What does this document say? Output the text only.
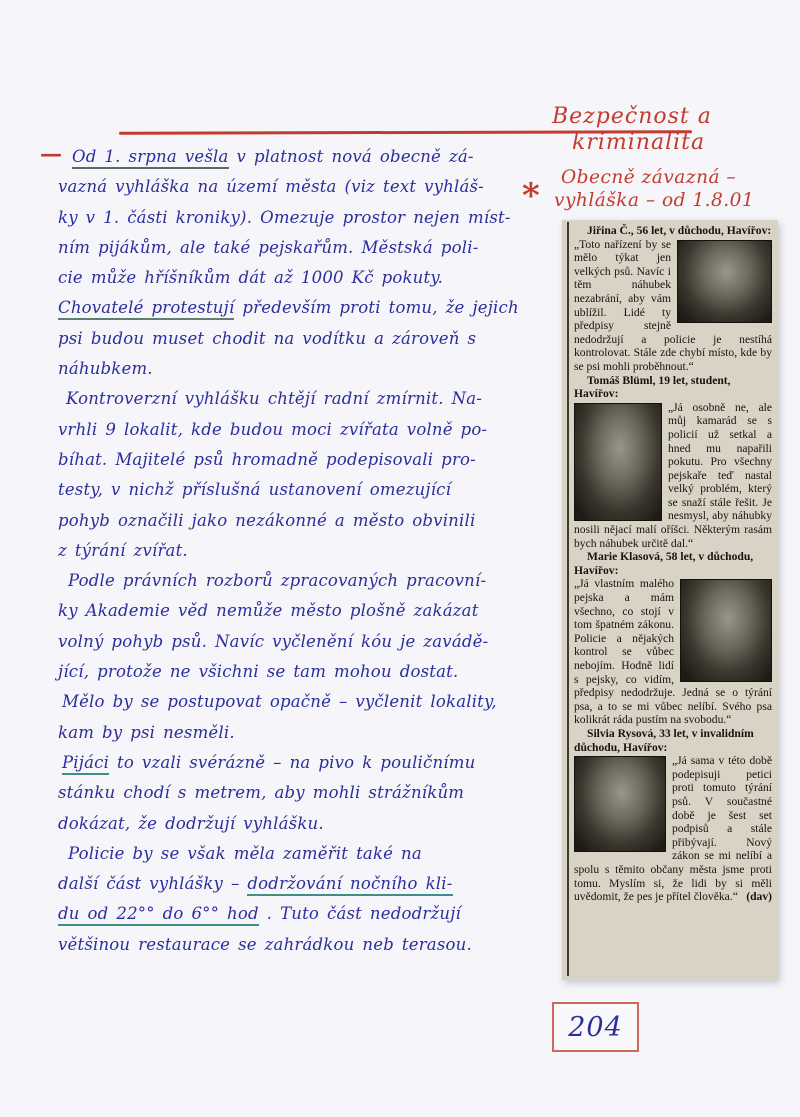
—
Bezpečnost a
kriminalita
Obecně závazná –
vyhláška – od 1.8.01
*
Od 1. srpna vešla v platnost nová obecně zá-
vazná vyhláška na území města (viz text vyhláš-
ky v 1. části kroniky). Omezuje prostor nejen míst-
ním pijákům, ale také pejskařům. Městská poli-
cie může hříšníkům dát až 1000 Kč pokuty.
Chovatelé protestují především proti tomu, že jejich
psi budou muset chodit na vodítku a zároveň s
náhubkem.
Kontroverzní vyhlášku chtějí radní zmírnit. Na-
vrhli 9 lokalit, kde budou moci zvířata volně po-
bíhat. Majitelé psů hromadně podepisovali pro-
testy, v nichž příslušná ustanovení omezující
pohyb označili jako nezákonné a město obvinili
z týrání zvířat.
Podle právních rozborů zpracovaných pracovní-
ky Akademie věd nemůže město plošně zakázat
volný pohyb psů. Navíc vyčlenění kóu je zavádě-
jící, protože ne všichni se tam mohou dostat.
Mělo by se postupovat opačně – vyčlenit lokality,
kam by psi nesměli.
Pijáci to vzali svérázně – na pivo k pouličnímu
stánku chodí s metrem, aby mohli strážníkům
dokázat, že dodržují vyhlášku.
Policie by se však měla zaměřit také na
další část vyhlášky – dodržování nočního kli-
du od 22°° do 6°° hod . Tuto část nedodržují
většinou restaurace se zahrádkou neb terasou.
Jiřina Č., 56 let, v důchodu, Havířov:
„Toto nařízení by se mělo týkat jen velkých psů. Navíc i těm náhubek nezabrání, aby vám ublížil. Lidé ty předpisy stejně nedodržují a policie je nestíhá kontrolovat. Stále zde chybí místo, kde by se psi mohli proběhnout.“
Tomáš Blüml, 19 let, student, Havířov:
„Já osobně ne, ale můj kamarád se s policií už setkal a hned mu napařili pokutu. Pro všechny pejskaře teď nastal velký problém, který se snaží stále řešit. Je nesmysl, aby náhubky nosili nějací malí oříšci. Některým rasám bych náhubek určitě dal.“
Marie Klasová, 58 let, v důchodu, Havířov:
„Já vlastním malého pejska a mám všechno, co stojí v tom špatném zákonu. Policie a nějakých kontrol se vůbec nebojím. Hodně lidí s pejsky, co vidím, předpisy nedodržuje. Jedná se o týrání psa, a to se mi vůbec nelíbí. Svého psa kolikrát ráda pustím na svobodu.“
Silvia Rysová, 33 let, v invalidním důchodu, Havířov:
„Já sama v této době podepisuji petici proti tomuto týrání psů. V součastné době je šest set podpisů a stále přibývají. Nový zákon se mi nelíbí a spolu s těmito občany města jsme proti tomu. Myslím si, že lidi by si měli uvědomit, že pes je přítel člověka.“ (dav)
204
